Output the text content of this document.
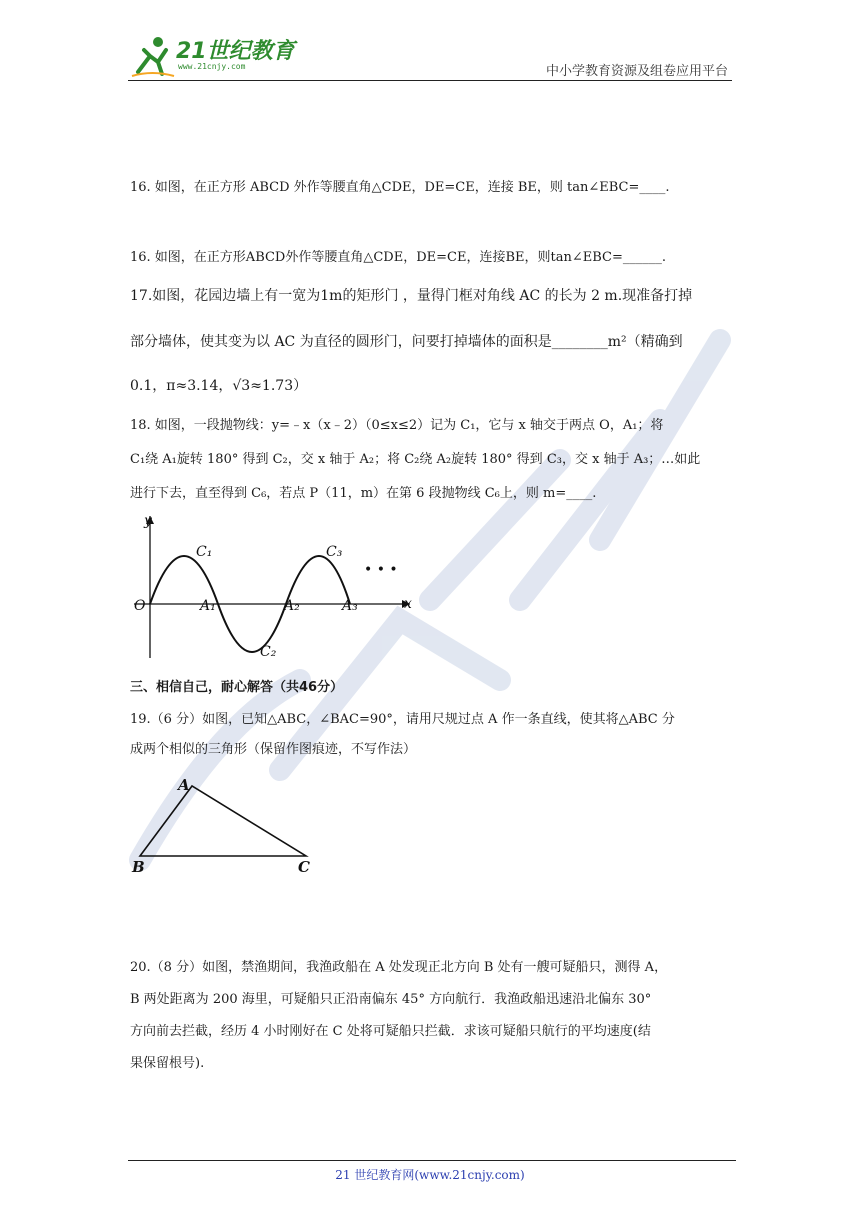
21世纪教育
www.21cnjy.com	中小学教育资源及组卷应用平台
16. 如图，在正方形 ABCD 外作等腰直角△CDE，DE=CE，连接 BE，则 tan∠EBC=____.
16. 如图，在正方形ABCD外作等腰直角△CDE，DE=CE，连接BE，则tan∠EBC=______.
17.如图，花园边墙上有一宽为1m的矩形门 ，量得门框对角线 AC 的长为 2 m.现准备打掉
部分墙体，使其变为以 AC 为直径的圆形门，问要打掉墙体的面积是________m²（精确到
0.1，π≈3.14，√3≈1.73）
18. 如图，一段抛物线：y=﹣x（x﹣2）（0≤x≤2）记为 C₁，它与 x 轴交于两点 O，A₁；将
C₁绕 A₁旋转 180° 得到 C₂，交 x 轴于 A₂；将 C₂绕 A₂旋转 180° 得到 C₃，交 x 轴于 A₃；…如此
进行下去，直至得到 C₆，若点 P（11，m）在第 6 段抛物线 C₆上，则 m=____.
y
x
O
C₁
C₂
C₃
A₁	A₂	A₃
• • •
三、相信自己，耐心解答（共46分）
19.（6 分）如图，已知△ABC，∠BAC=90°，请用尺规过点 A 作一条直线，使其将△ABC 分
成两个相似的三角形（保留作图痕迹，不写作法）
A
B	C
20.（8 分）如图，禁渔期间，我渔政船在 A 处发现正北方向 B 处有一艘可疑船只，测得 A，
B 两处距离为 200 海里，可疑船只正沿南偏东 45° 方向航行．我渔政船迅速沿北偏东 30°
方向前去拦截，经历 4 小时刚好在 C 处将可疑船只拦截．求该可疑船只航行的平均速度(结
果保留根号).
21 世纪教育网(www.21cnjy.com)
